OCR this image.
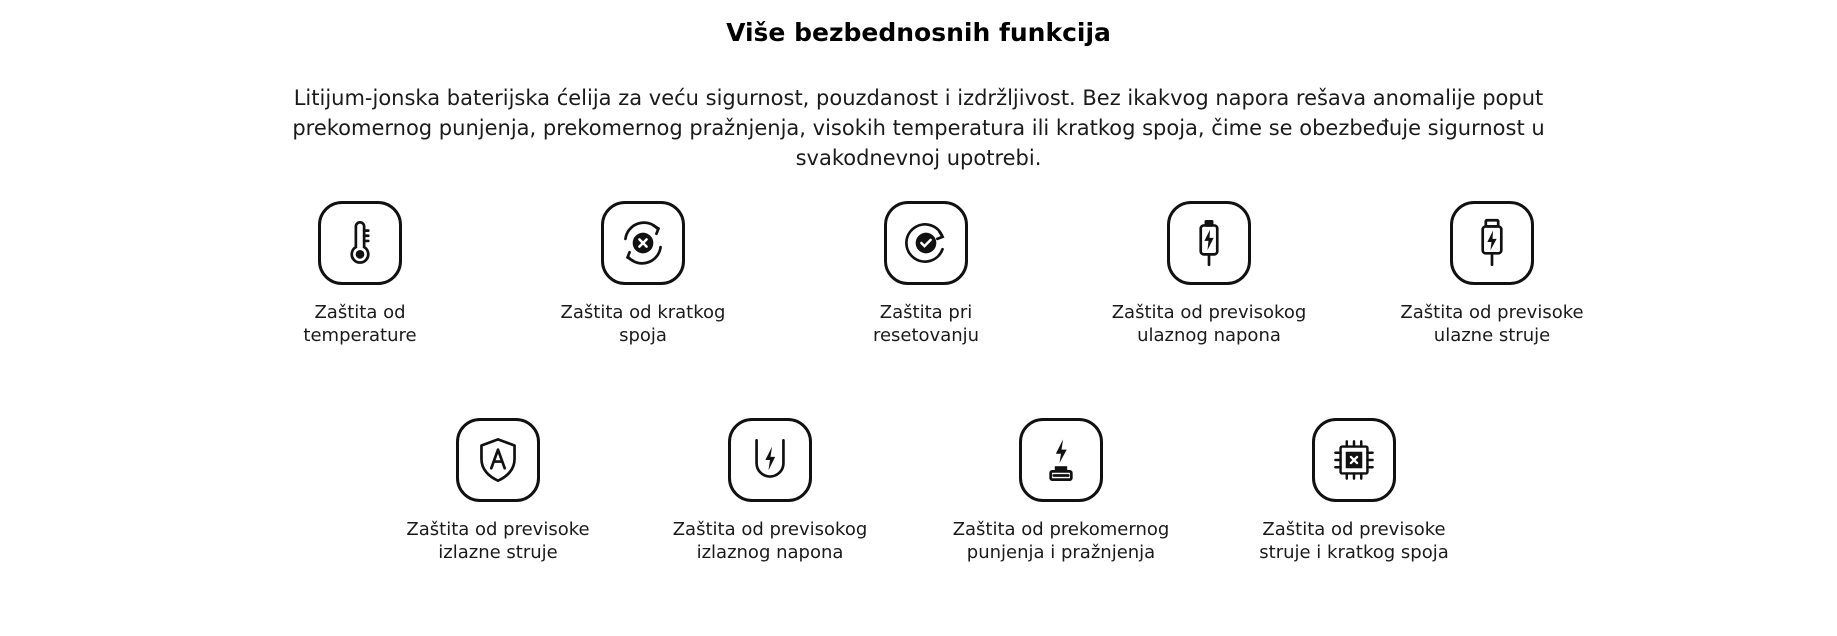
Više bezbednosnih funkcija

Litijum-jonska baterijska ćelija za veću sigurnost, pouzdanost i izdržljivost. Bez ikakvog napora rešava anomalije poput prekomernog punjenja, prekomernog pražnjenja, visokih temperatura ili kratkog spoja, čime se obezbeđuje sigurnost u svakodnevnoj upotrebi.

Zaštita od
temperature
Zaštita od kratkog
spoja
Zaštita pri
resetovanju
Zaštita od previsokog
ulaznog napona
Zaštita od previsoke
ulazne struje
Zaštita od previsoke
izlazne struje
Zaštita od previsokog
izlaznog napona
Zaštita od prekomernog
punjenja i pražnjenja
Zaštita od previsoke
struje i kratkog spoja
